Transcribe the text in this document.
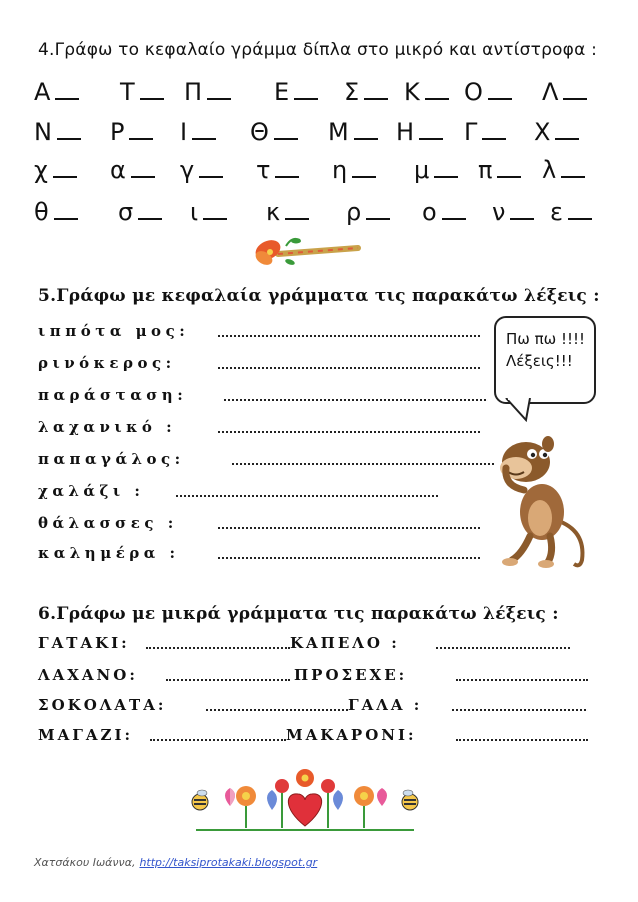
4.Γράφω το κεφαλαίο γράμμα δίπλα στο μικρό και αντίστροφα :
Α	Τ	Π	Ε	Σ	Κ	Ο	Λ
Ν	Ρ	Ι	Θ	Μ	Η	Γ	Χ
χ	α	γ	τ	η	μ	π	λ
θ	σ	ι	κ	ρ	ο	ν	ε
5.Γράφω με κεφαλαία γράμματα τις παρακάτω λέξεις :
ιππότα μος:
ρινόκερος:
παράσταση:
λαχανικό :
παπαγάλος:
χαλάζι :
θάλασσες :
καλημέρα :
Πω πω !!!!
Λέξεις!!!
6.Γράφω με μικρά γράμματα τις παρακάτω λέξεις :
ΓΑΤΑΚΙ:	ΚΑΠΕΛΟ :
ΛΑΧΑΝΟ:	ΠΡΟΣΕΧΕ:
ΣΟΚΟΛΑΤΑ:	ΓΑΛΑ :
ΜΑΓΑΖΙ:	ΜΑΚΑΡΟΝΙ:
Χατσάκου Ιωάννα, http://taksiprotakaki.blogspot.gr
